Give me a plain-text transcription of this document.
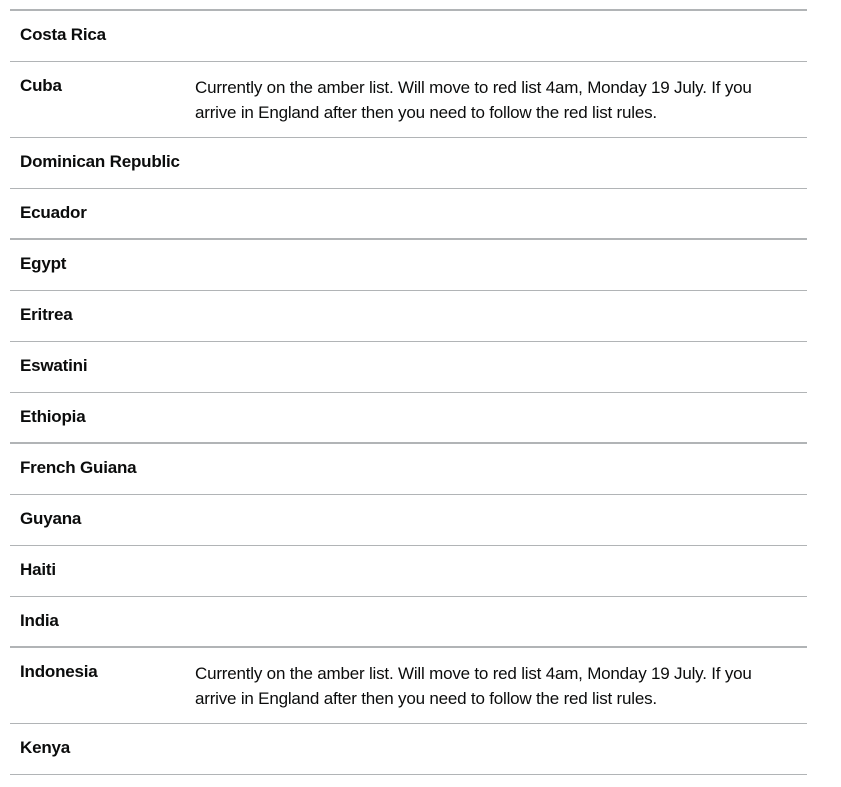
Costa Rica
Cuba	Currently on the amber list. Will move to red list 4am, Monday 19 July. If you arrive in England after then you need to follow the red list rules.
Dominican Republic
Ecuador
Egypt
Eritrea
Eswatini
Ethiopia
French Guiana
Guyana
Haiti
India
Indonesia	Currently on the amber list. Will move to red list 4am, Monday 19 July. If you arrive in England after then you need to follow the red list rules.
Kenya
